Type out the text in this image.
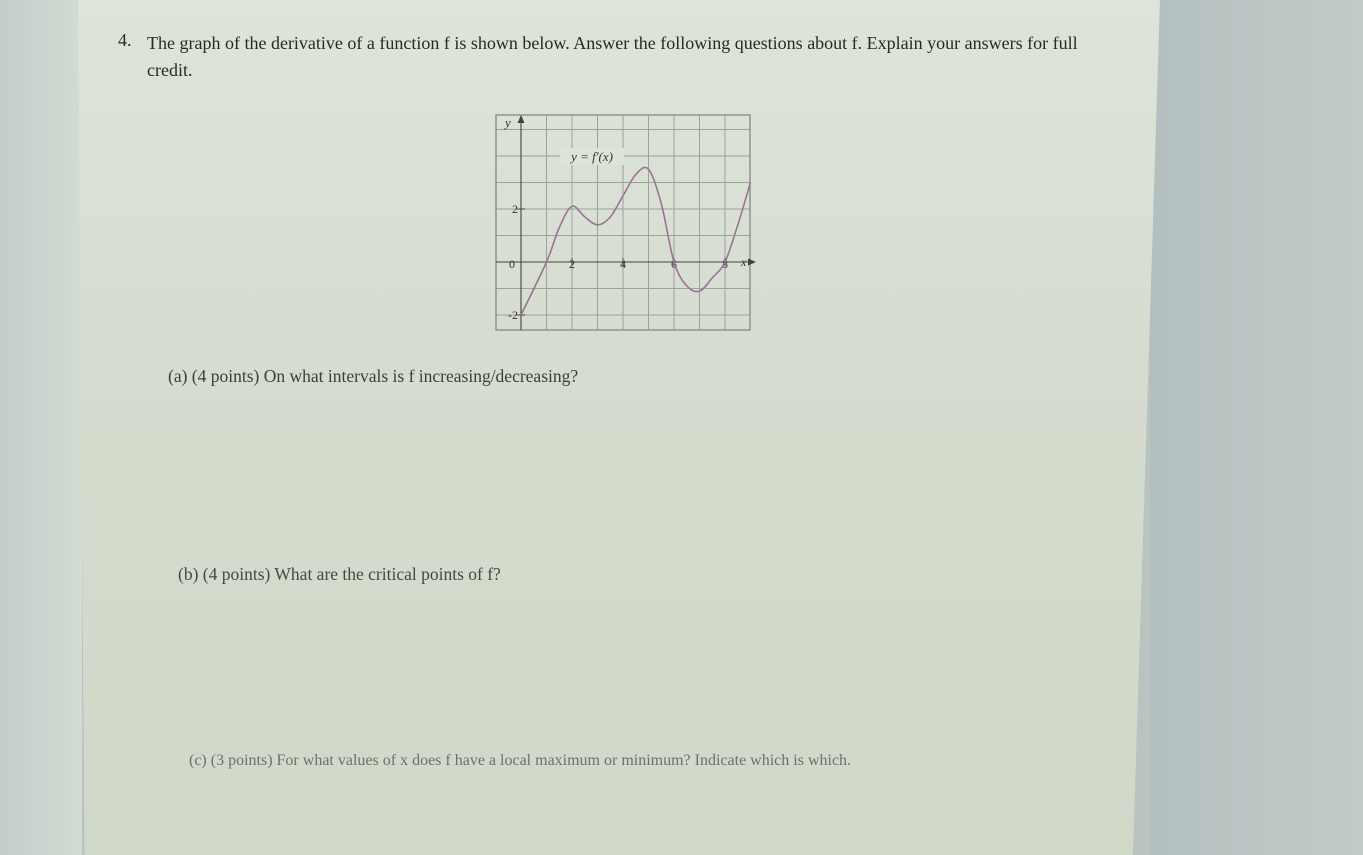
4. The graph of the derivative of a function f is shown below. Answer the following questions about f. Explain your answers for full credit.
y
x
0	2	4	6	8
2
-2
y = f'(x)
(a) (4 points) On what intervals is f increasing/decreasing?
(b) (4 points) What are the critical points of f?
(c) (3 points) For what values of x does f have a local maximum or minimum? Indicate which is which.
